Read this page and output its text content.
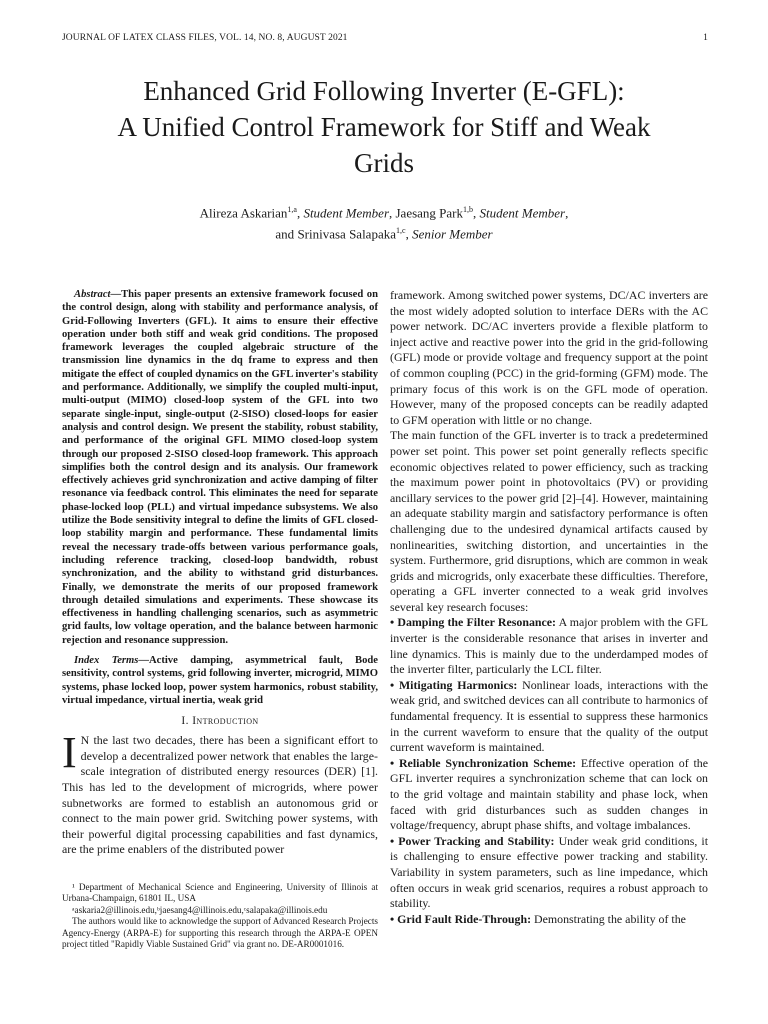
JOURNAL OF LATEX CLASS FILES, VOL. 14, NO. 8, AUGUST 2021	1
Enhanced Grid Following Inverter (E-GFL):
A Unified Control Framework for Stiff and Weak
Grids
Alireza Askarian$^{1,a}$, Student Member, Jaesang Park$^{1,b}$, Student Member,
and Srinivasa Salapaka$^{1,c}$, Senior Member

Abstract—This paper presents an extensive framework focused on the control design, along with stability and performance analysis, of Grid-Following Inverters (GFL). It aims to ensure their effective operation under both stiff and weak grid conditions. The proposed framework leverages the coupled algebraic structure of the transmission line dynamics in the dq frame to express and then mitigate the effect of coupled dynamics on the GFL inverter's stability and performance. Additionally, we simplify the coupled multi-input, multi-output (MIMO) closed-loop system of the GFL into two separate single-input, single-output (2-SISO) closed-loops for easier analysis and control design. We present the stability, robust stability, and performance of the original GFL MIMO closed-loop system through our proposed 2-SISO closed-loop framework. This approach simplifies both the control design and its analysis. Our framework effectively achieves grid synchronization and active damping of filter resonance via feedback control. This eliminates the need for separate phase-locked loop (PLL) and virtual impedance subsystems. We also utilize the Bode sensitivity integral to define the limits of GFL closed-loop stability margin and performance. These fundamental limits reveal the necessary trade-offs between various performance goals, including reference tracking, closed-loop bandwidth, robust synchronization, and the ability to withstand grid disturbances. Finally, we demonstrate the merits of our proposed framework through detailed simulations and experiments. These showcase its effectiveness in handling challenging scenarios, such as asymmetric grid faults, low voltage operation, and the balance between harmonic rejection and resonance suppression.

Index Terms—Active damping, asymmetrical fault, Bode sensitivity, control systems, grid following inverter, microgrid, MIMO systems, phase locked loop, power system harmonics, robust stability, virtual impedance, virtual inertia, weak grid

I. Introduction

I N the last two decades, there has been a significant effort to develop a decentralized power network that enables the large-scale integration of distributed energy resources (DER) [1]. This has led to the development of microgrids, where power subnetworks are formed to establish an autonomous grid or connect to the main power grid. Switching power systems, with their powerful digital processing capabilities and fast dynamics, are the prime enablers of the distributed power

¹ Department of Mechanical Science and Engineering, University of Illinois at Urbana-Champaign, 61801 IL, USA

ᵃaskaria2@illinois.edu,ᵇjaesang4@illinois.edu,ᶜsalapaka@illinois.edu

The authors would like to acknowledge the support of Advanced Research Projects Agency-Energy (ARPA-E) for supporting this research through the ARPA-E OPEN project titled "Rapidly Viable Sustained Grid" via grant no. DE-AR0001016.

framework. Among switched power systems, DC/AC inverters are the most widely adopted solution to interface DERs with the AC power network. DC/AC inverters provide a flexible platform to inject active and reactive power into the grid in the grid-following (GFL) mode or provide voltage and frequency support at the point of common coupling (PCC) in the grid-forming (GFM) mode. The primary focus of this work is on the GFL mode of operation. However, many of the proposed concepts can be readily adapted to GFM operation with little or no change.

The main function of the GFL inverter is to track a predetermined power set point. This power set point generally reflects specific economic objectives related to power efficiency, such as tracking the maximum power point in photovoltaics (PV) or providing ancillary services to the power grid [2]–[4]. However, maintaining an adequate stability margin and satisfactory performance is often challenging due to the undesired dynamical artifacts caused by nonlinearities, switching distortion, and uncertainties in the system. Furthermore, grid disruptions, which are common in weak grids and microgrids, only exacerbate these difficulties. Therefore, operating a GFL inverter connected to a weak grid involves several key research focuses:

• Damping the Filter Resonance: A major problem with the GFL inverter is the considerable resonance that arises in inverter and line dynamics. This is mainly due to the underdamped modes of the inverter filter, particularly the LCL filter.

• Mitigating Harmonics: Nonlinear loads, interactions with the weak grid, and switched devices can all contribute to harmonics of fundamental frequency. It is essential to suppress these harmonics in the current waveform to ensure that the quality of the output current waveform is maintained.

• Reliable Synchronization Scheme: Effective operation of the GFL inverter requires a synchronization scheme that can lock on to the grid voltage and maintain stability and phase lock, when faced with grid disturbances such as sudden changes in voltage/frequency, abrupt phase shifts, and voltage imbalances.

• Power Tracking and Stability: Under weak grid conditions, it is challenging to ensure effective power tracking and stability. Variability in system parameters, such as line impedance, which often occurs in weak grid scenarios, requires a robust approach to stability.

• Grid Fault Ride-Through: Demonstrating the ability of the
